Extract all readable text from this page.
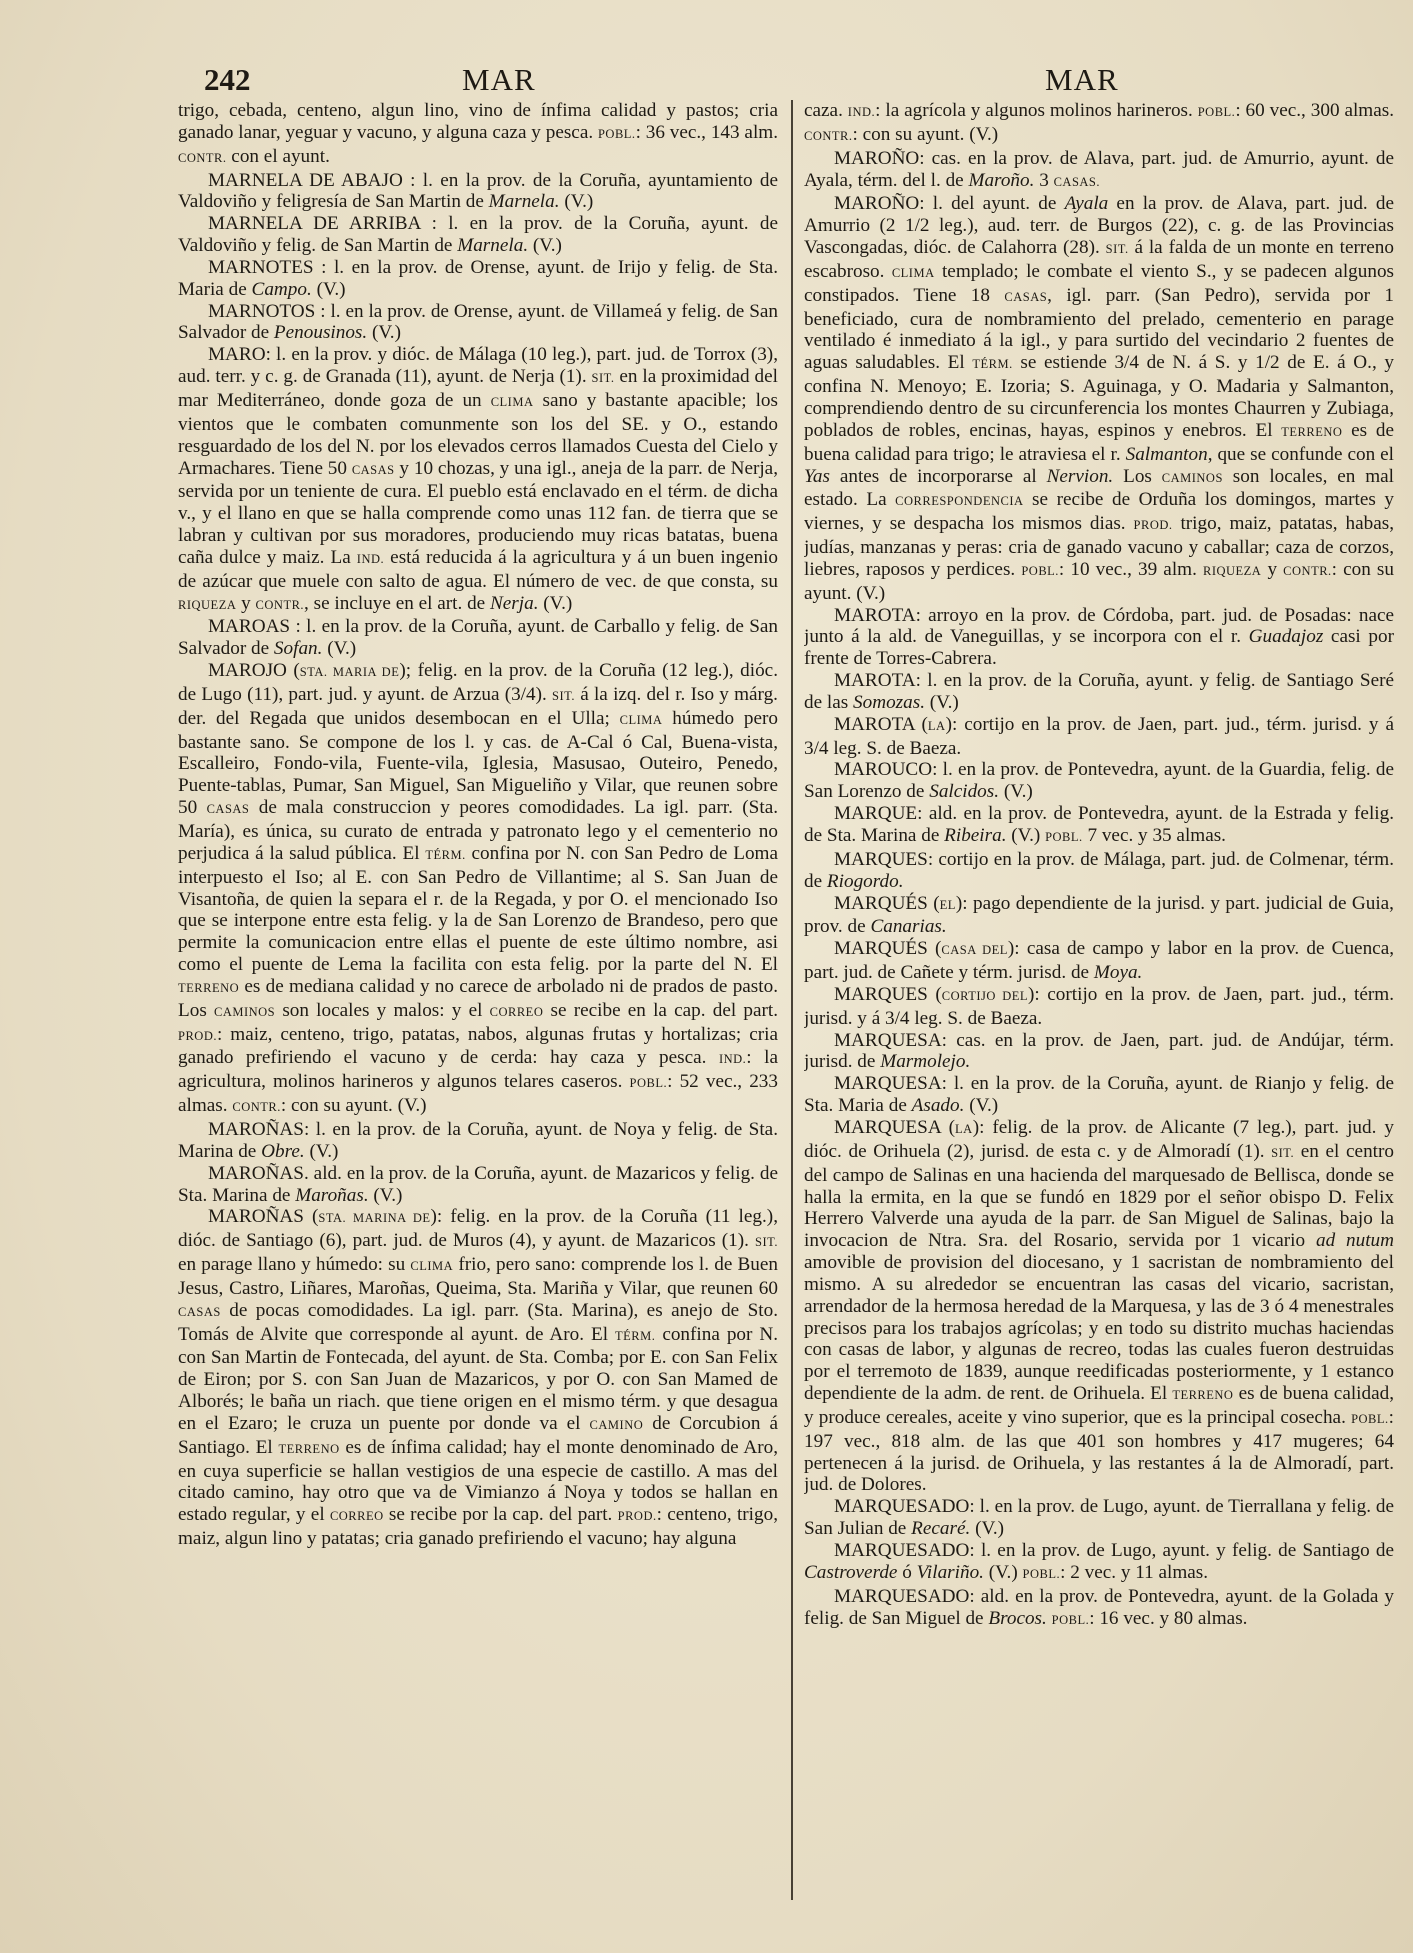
242	MAR	MAR

trigo, cebada, centeno, algun lino, vino de ínfima calidad y pastos; cria ganado lanar, yeguar y vacuno, y alguna caza y pesca. POBL.: 36 vec., 143 alm. CONTR. con el ayunt.

MARNELA DE ABAJO : l. en la prov. de la Coruña, ayuntamiento de Valdoviño y feligresía de San Martin de Marnela. (V.)

MARNELA DE ARRIBA : l. en la prov. de la Coruña, ayunt. de Valdoviño y felig. de San Martin de Marnela. (V.)

MARNOTES : l. en la prov. de Orense, ayunt. de Irijo y felig. de Sta. Maria de Campo. (V.)

MARNOTOS : l. en la prov. de Orense, ayunt. de Villameá y felig. de San Salvador de Penousinos. (V.)

MARO: l. en la prov. y dióc. de Málaga (10 leg.), part. jud. de Torrox (3), aud. terr. y c. g. de Granada (11), ayunt. de Nerja (1). SIT. en la proximidad del mar Mediterráneo, donde goza de un CLIMA sano y bastante apacible; los vientos que le combaten comunmente son los del SE. y O., estando resguardado de los del N. por los elevados cerros llamados Cuesta del Cielo y Armachares. Tiene 50 CASAS y 10 chozas, y una igl., aneja de la parr. de Nerja, servida por un teniente de cura. El pueblo está enclavado en el térm. de dicha v., y el llano en que se halla comprende como unas 112 fan. de tierra que se labran y cultivan por sus moradores, produciendo muy ricas batatas, buena caña dulce y maiz. La IND. está reducida á la agricultura y á un buen ingenio de azúcar que muele con salto de agua. El número de vec. de que consta, su RIQUEZA y CONTR., se incluye en el art. de Nerja. (V.)

MAROAS : l. en la prov. de la Coruña, ayunt. de Carballo y felig. de San Salvador de Sofan. (V.)

MAROJO (STA. MARIA DE); felig. en la prov. de la Coruña (12 leg.), dióc. de Lugo (11), part. jud. y ayunt. de Arzua (3/4). SIT. á la izq. del r. Iso y márg. der. del Regada que unidos desembocan en el Ulla; CLIMA húmedo pero bastante sano. Se compone de los l. y cas. de A-Cal ó Cal, Buena-vista, Escalleiro, Fondo-vila, Fuente-vila, Iglesia, Masusao, Outeiro, Penedo, Puente-tablas, Pumar, San Miguel, San Migueliño y Vilar, que reunen sobre 50 CASAS de mala construccion y peores comodidades. La igl. parr. (Sta. María), es única, su curato de entrada y patronato lego y el cementerio no perjudica á la salud pública. El TÉRM. confina por N. con San Pedro de Loma interpuesto el Iso; al E. con San Pedro de Villantime; al S. San Juan de Visantoña, de quien la separa el r. de la Regada, y por O. el mencionado Iso que se interpone entre esta felig. y la de San Lorenzo de Brandeso, pero que permite la comunicacion entre ellas el puente de este último nombre, asi como el puente de Lema la facilita con esta felig. por la parte del N. El TERRENO es de mediana calidad y no carece de arbolado ni de prados de pasto. Los CAMINOS son locales y malos: y el CORREO se recibe en la cap. del part. PROD.: maiz, centeno, trigo, patatas, nabos, algunas frutas y hortalizas; cria ganado prefiriendo el vacuno y de cerda: hay caza y pesca. IND.: la agricultura, molinos harineros y algunos telares caseros. POBL.: 52 vec., 233 almas. CONTR.: con su ayunt. (V.)

MAROÑAS: l. en la prov. de la Coruña, ayunt. de Noya y felig. de Sta. Marina de Obre. (V.)

MAROÑAS. ald. en la prov. de la Coruña, ayunt. de Mazaricos y felig. de Sta. Marina de Maroñas. (V.)

MAROÑAS (STA. MARINA DE): felig. en la prov. de la Coruña (11 leg.), dióc. de Santiago (6), part. jud. de Muros (4), y ayunt. de Mazaricos (1). SIT. en parage llano y húmedo: su CLIMA frio, pero sano: comprende los l. de Buen Jesus, Castro, Liñares, Maroñas, Queima, Sta. Mariña y Vilar, que reunen 60 CASAS de pocas comodidades. La igl. parr. (Sta. Marina), es anejo de Sto. Tomás de Alvite que corresponde al ayunt. de Aro. El TÉRM. confina por N. con San Martin de Fontecada, del ayunt. de Sta. Comba; por E. con San Felix de Eiron; por S. con San Juan de Mazaricos, y por O. con San Mamed de Alborés; le baña un riach. que tiene origen en el mismo térm. y que desagua en el Ezaro; le cruza un puente por donde va el CAMINO de Corcubion á Santiago. El TERRENO es de ínfima calidad; hay el monte denominado de Aro, en cuya superficie se hallan vestigios de una especie de castillo. A mas del citado camino, hay otro que va de Vimianzo á Noya y todos se hallan en estado regular, y el CORREO se recibe por la cap. del part. PROD.: centeno, trigo, maiz, algun lino y patatas; cria ganado prefiriendo el vacuno; hay alguna

caza. IND.: la agrícola y algunos molinos harineros. POBL.: 60 vec., 300 almas. CONTR.: con su ayunt. (V.)

MAROÑO: cas. en la prov. de Alava, part. jud. de Amurrio, ayunt. de Ayala, térm. del l. de Maroño. 3 CASAS.

MAROÑO: l. del ayunt. de Ayala en la prov. de Alava, part. jud. de Amurrio (2 1/2 leg.), aud. terr. de Burgos (22), c. g. de las Provincias Vascongadas, dióc. de Calahorra (28). SIT. á la falda de un monte en terreno escabroso. CLIMA templado; le combate el viento S., y se padecen algunos constipados. Tiene 18 CASAS, igl. parr. (San Pedro), servida por 1 beneficiado, cura de nombramiento del prelado, cementerio en parage ventilado é inmediato á la igl., y para surtido del vecindario 2 fuentes de aguas saludables. El TÉRM. se estiende 3/4 de N. á S. y 1/2 de E. á O., y confina N. Menoyo; E. Izoria; S. Aguinaga, y O. Madaria y Salmanton, comprendiendo dentro de su circunferencia los montes Chaurren y Zubiaga, poblados de robles, encinas, hayas, espinos y enebros. El TERRENO es de buena calidad para trigo; le atraviesa el r. Salmanton, que se confunde con el Yas antes de incorporarse al Nervion. Los CAMINOS son locales, en mal estado. La CORRESPONDENCIA se recibe de Orduña los domingos, martes y viernes, y se despacha los mismos dias. PROD. trigo, maiz, patatas, habas, judías, manzanas y peras: cria de ganado vacuno y caballar; caza de corzos, liebres, raposos y perdices. POBL.: 10 vec., 39 alm. RIQUEZA y CONTR.: con su ayunt. (V.)

MAROTA: arroyo en la prov. de Córdoba, part. jud. de Posadas: nace junto á la ald. de Vaneguillas, y se incorpora con el r. Guadajoz casi por frente de Torres-Cabrera.

MAROTA: l. en la prov. de la Coruña, ayunt. y felig. de Santiago Seré de las Somozas. (V.)

MAROTA (LA): cortijo en la prov. de Jaen, part. jud., térm. jurisd. y á 3/4 leg. S. de Baeza.

MAROUCO: l. en la prov. de Pontevedra, ayunt. de la Guardia, felig. de San Lorenzo de Salcidos. (V.)

MARQUE: ald. en la prov. de Pontevedra, ayunt. de la Estrada y felig. de Sta. Marina de Ribeira. (V.) POBL. 7 vec. y 35 almas.

MARQUES: cortijo en la prov. de Málaga, part. jud. de Colmenar, térm. de Riogordo.

MARQUÉS (EL): pago dependiente de la jurisd. y part. judicial de Guia, prov. de Canarias.

MARQUÉS (CASA DEL): casa de campo y labor en la prov. de Cuenca, part. jud. de Cañete y térm. jurisd. de Moya.

MARQUES (CORTIJO DEL): cortijo en la prov. de Jaen, part. jud., térm. jurisd. y á 3/4 leg. S. de Baeza.

MARQUESA: cas. en la prov. de Jaen, part. jud. de Andújar, térm. jurisd. de Marmolejo.

MARQUESA: l. en la prov. de la Coruña, ayunt. de Rianjo y felig. de Sta. Maria de Asado. (V.)

MARQUESA (LA): felig. de la prov. de Alicante (7 leg.), part. jud. y dióc. de Orihuela (2), jurisd. de esta c. y de Almoradí (1). SIT. en el centro del campo de Salinas en una hacienda del marquesado de Bellisca, donde se halla la ermita, en la que se fundó en 1829 por el señor obispo D. Felix Herrero Valverde una ayuda de la parr. de San Miguel de Salinas, bajo la invocacion de Ntra. Sra. del Rosario, servida por 1 vicario ad nutum amovible de provision del diocesano, y 1 sacristan de nombramiento del mismo. A su alrededor se encuentran las casas del vicario, sacristan, arrendador de la hermosa heredad de la Marquesa, y las de 3 ó 4 menestrales precisos para los trabajos agrícolas; y en todo su distrito muchas haciendas con casas de labor, y algunas de recreo, todas las cuales fueron destruidas por el terremoto de 1839, aunque reedificadas posteriormente, y 1 estanco dependiente de la adm. de rent. de Orihuela. El TERRENO es de buena calidad, y produce cereales, aceite y vino superior, que es la principal cosecha. POBL.: 197 vec., 818 alm. de las que 401 son hombres y 417 mugeres; 64 pertenecen á la jurisd. de Orihuela, y las restantes á la de Almoradí, part. jud. de Dolores.

MARQUESADO: l. en la prov. de Lugo, ayunt. de Tierrallana y felig. de San Julian de Recaré. (V.)

MARQUESADO: l. en la prov. de Lugo, ayunt. y felig. de Santiago de Castroverde ó Vilariño. (V.) POBL.: 2 vec. y 11 almas.

MARQUESADO: ald. en la prov. de Pontevedra, ayunt. de la Golada y felig. de San Miguel de Brocos. POBL.: 16 vec. y 80 almas.
